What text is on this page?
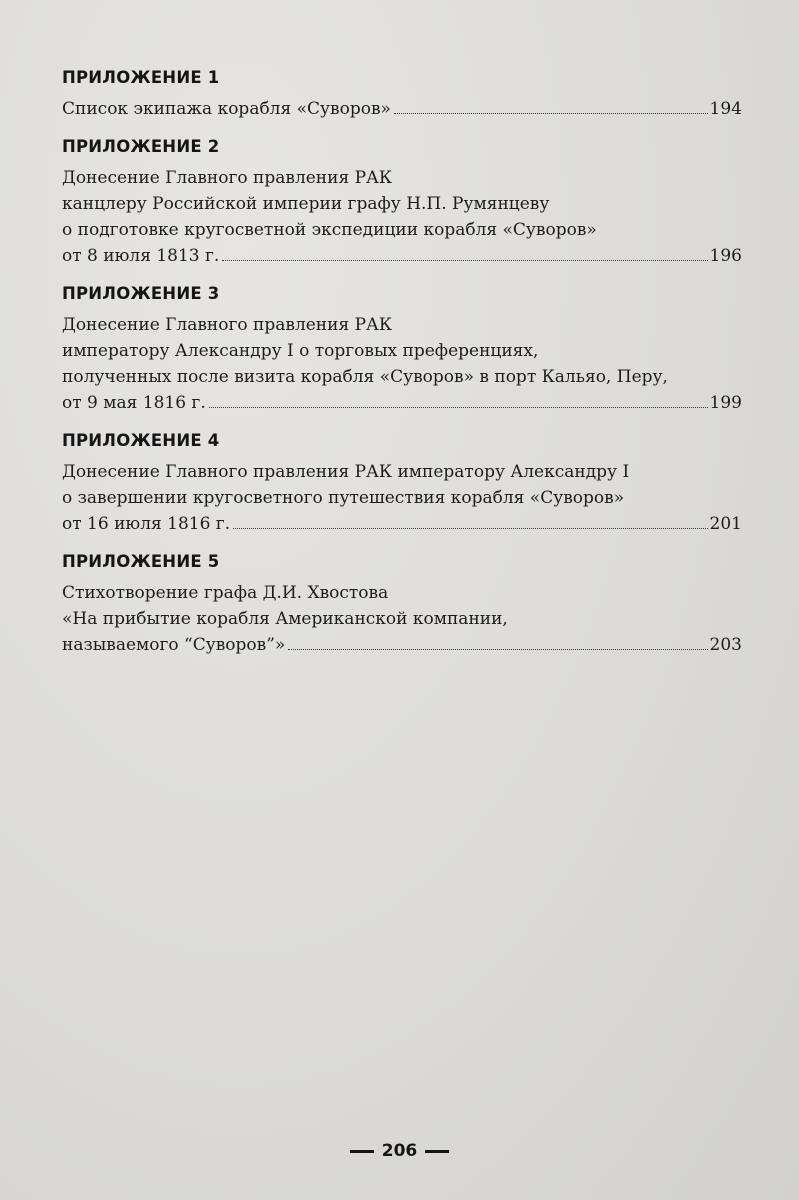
ПРИЛОЖЕНИЕ 1
Список экипажа корабля «Суворов»	194
ПРИЛОЖЕНИЕ 2
Донесение Главного правления РАК
канцлеру Российской империи графу Н.П. Румянцеву
о подготовке кругосветной экспедиции корабля «Суворов»
от 8 июля 1813 г.	196
ПРИЛОЖЕНИЕ 3
Донесение Главного правления РАК
императору Александру I о торговых преференциях,
полученных после визита корабля «Суворов» в порт Кальяо, Перу,
от 9 мая 1816 г.	199
ПРИЛОЖЕНИЕ 4
Донесение Главного правления РАК императору Александру I
о завершении кругосветного путешествия корабля «Суворов»
от 16 июля 1816 г.	201
ПРИЛОЖЕНИЕ 5
Стихотворение графа Д.И. Хвостова
«На прибытие корабля Американской компании,
называемого “Суворов”»	203
206
